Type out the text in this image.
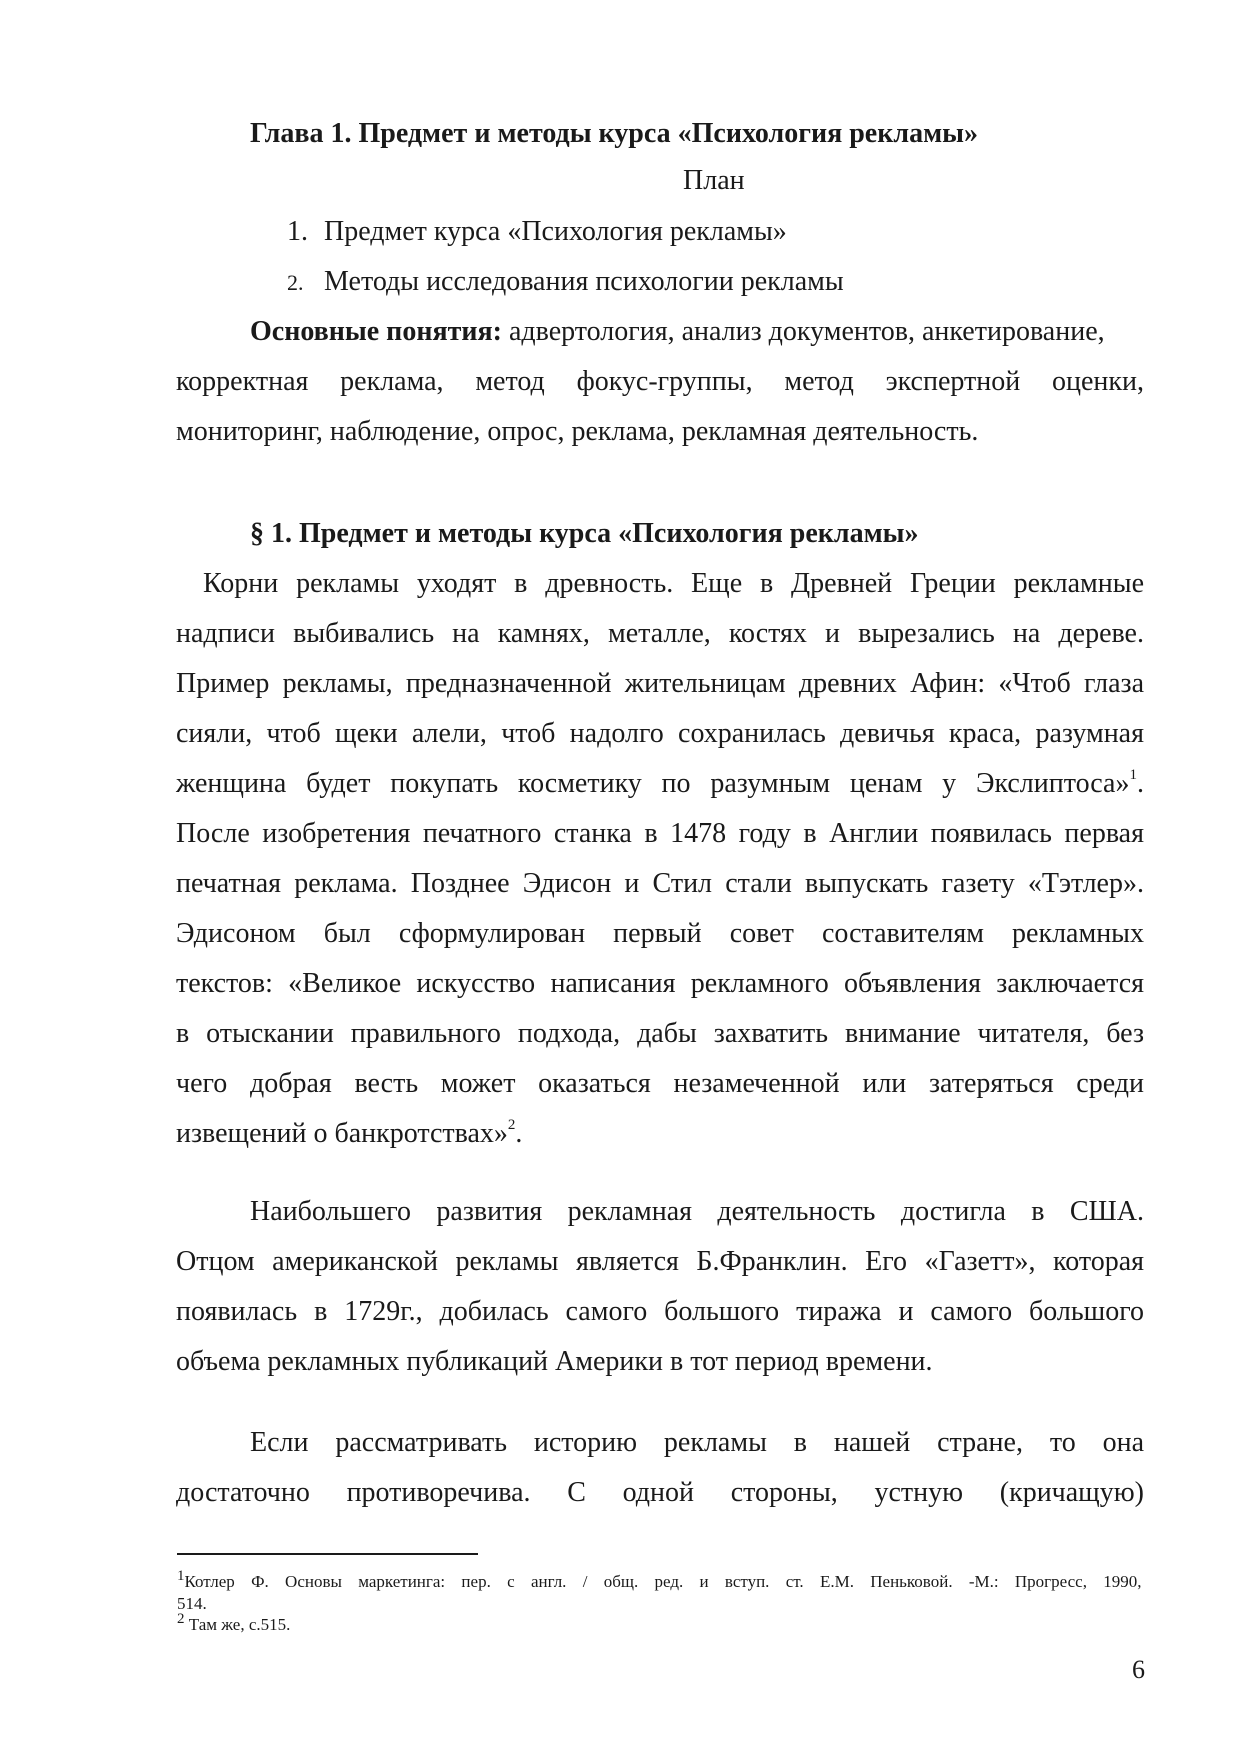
Глава 1. Предмет и методы курса «Психология рекламы»
План
1. Предмет курса «Психология рекламы»
2. Методы исследования психологии рекламы
Основные понятия: адвертология, анализ документов, анкетирование,
корректная реклама, метод фокус-группы, метод экспертной оценки,
мониторинг, наблюдение, опрос, реклама, рекламная деятельность.
§ 1. Предмет и методы курса «Психология рекламы»
Корни рекламы уходят в древность. Еще в Древней Греции рекламные
надписи выбивались на камнях, металле, костях и вырезались на дереве.
Пример рекламы, предназначенной жительницам древних Афин: «Чтоб глаза
сияли, чтоб щеки алели, чтоб надолго сохранилась девичья краса, разумная
женщина будет покупать косметику по разумным ценам у Экслиптоса»$^1$.
После изобретения печатного станка в 1478 году в Англии появилась первая
печатная реклама. Позднее Эдисон и Стил стали выпускать газету «Тэтлер».
Эдисоном был сформулирован первый совет составителям рекламных
текстов: «Великое искусство написания рекламного объявления заключается
в отыскании правильного подхода, дабы захватить внимание читателя, без
чего добрая весть может оказаться незамеченной или затеряться среди
извещений о банкротствах»$^2$.
Наибольшего развития рекламная деятельность достигла в США.
Отцом американской рекламы является Б.Франклин. Его «Газетт», которая
появилась в 1729г., добилась самого большого тиража и самого большого
объема рекламных публикаций Америки в тот период времени.
Если рассматривать историю рекламы в нашей стране, то она
достаточно противоречива. С одной стороны, устную (кричащую)
1Котлер Ф. Основы маркетинга: пер. с англ. / общ. ред. и вступ. ст. Е.М. Пеньковой. -М.: Прогресс, 1990,
514.
2 Там же, с.515.
6
